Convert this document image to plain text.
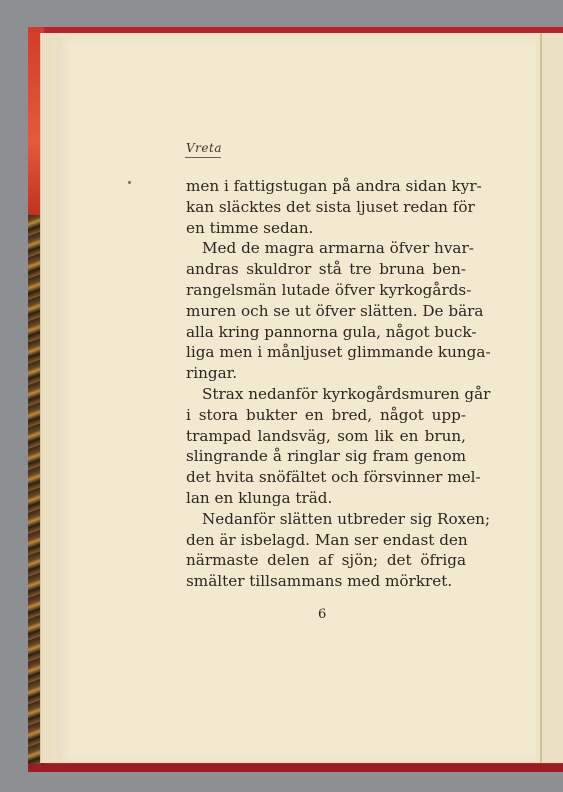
Vreta
men i fattigstugan på andra sidan kyr-
kan släcktes det sista ljuset redan för
en timme sedan.
Med de magra armarna öfver hvar-
andras skuldror stå tre bruna ben-
rangelsmän lutade öfver kyrkogårds-
muren och se ut öfver slätten. De bära
alla kring pannorna gula, något buck-
liga men i månljuset glimmande kunga-
ringar.
Strax nedanför kyrkogårdsmuren går
i stora bukter en bred, något upp-
trampad landsväg, som lik en brun,
slingrande å ringlar sig fram genom
det hvita snöfältet och försvinner mel-
lan en klunga träd.
Nedanför slätten utbreder sig Roxen;
den är isbelagd. Man ser endast den
närmaste delen af sjön; det öfriga
smälter tillsammans med mörkret.
6
